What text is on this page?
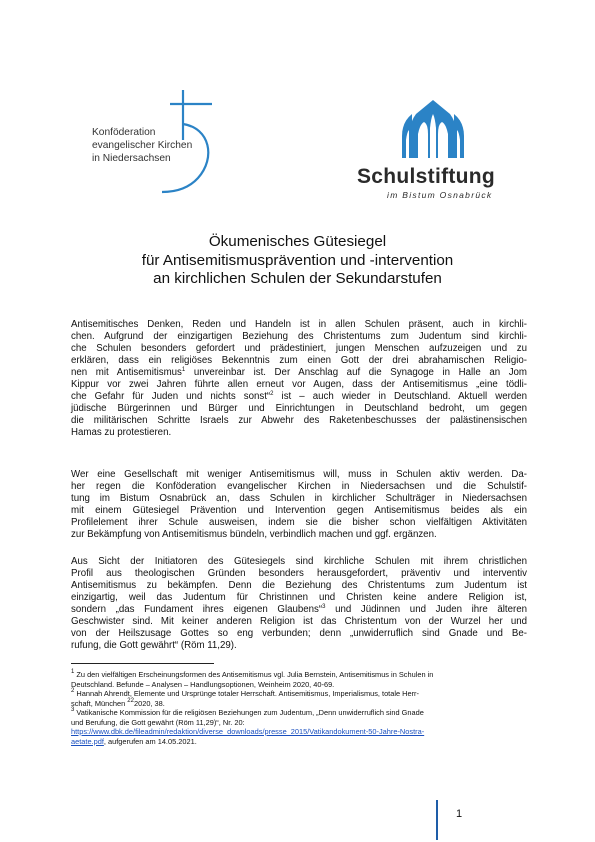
Konföderation
evangelischer Kirchen
in Niedersachsen
Schulstiftung
im Bistum Osnabrück
Ökumenisches Gütesiegel
für Antisemitismusprävention und -intervention
an kirchlichen Schulen der Sekundarstufen
Antisemitisches Denken, Reden und Handeln ist in allen Schulen präsent, auch in kirchli-
chen. Aufgrund der einzigartigen Beziehung des Christentums zum Judentum sind kirchli-
che Schulen besonders gefordert und prädestiniert, jungen Menschen aufzuzeigen und zu
erklären, dass ein religiöses Bekenntnis zum einen Gott der drei abrahamischen Religio-
nen mit Antisemitismus$^1$ unvereinbar ist. Der Anschlag auf die Synagoge in Halle an Jom
Kippur vor zwei Jahren führte allen erneut vor Augen, dass der Antisemitismus „eine tödli-
che Gefahr für Juden und nichts sonst“$^2$ ist – auch wieder in Deutschland. Aktuell werden
jüdische Bürgerinnen und Bürger und Einrichtungen in Deutschland bedroht, um gegen
die militärischen Schritte Israels zur Abwehr des Raketenbeschusses der palästinensischen
Hamas zu protestieren.
Wer eine Gesellschaft mit weniger Antisemitismus will, muss in Schulen aktiv werden. Da-
her regen die Konföderation evangelischer Kirchen in Niedersachsen und die Schulstif-
tung im Bistum Osnabrück an, dass Schulen in kirchlicher Schulträger in Niedersachsen
mit einem Gütesiegel Prävention und Intervention gegen Antisemitismus beides als ein
Profilelement ihrer Schule ausweisen, indem sie die bisher schon vielfältigen Aktivitäten
zur Bekämpfung von Antisemitismus bündeln, verbindlich machen und ggf. ergänzen.
Aus Sicht der Initiatoren des Gütesiegels sind kirchliche Schulen mit ihrem christlichen
Profil aus theologischen Gründen besonders herausgefordert, präventiv und interventiv
Antisemitismus zu bekämpfen. Denn die Beziehung des Christentums zum Judentum ist
einzigartig, weil das Judentum für Christinnen und Christen keine andere Religion ist,
sondern „das Fundament ihres eigenen Glaubens“$^3$ und Jüdinnen und Juden ihre älteren
Geschwister sind. Mit keiner anderen Religion ist das Christentum von der Wurzel her und
von der Heilszusage Gottes so eng verbunden; denn „unwiderruflich sind Gnade und Be-
rufung, die Gott gewährt“ (Röm 11,29).
$^1$ Zu den vielfältigen Erscheinungsformen des Antisemitismus vgl. Julia Bernstein, Antisemitismus in Schulen in
Deutschland. Befunde – Analysen – Handlungsoptionen, Weinheim 2020, 40-69.
$^2$ Hannah Ahrendt, Elemente und Ursprünge totaler Herrschaft. Antisemitismus, Imperialismus, totale Herr-
schaft, München $^{22}$2020, 38.
$^3$ Vatikanische Kommission für die religiösen Beziehungen zum Judentum, „Denn unwiderruflich sind Gnade
und Berufung, die Gott gewährt (Röm 11,29)“, Nr. 20:
https://www.dbk.de/fileadmin/redaktion/diverse_downloads/presse_2015/Vatikandokument-50-Jahre-Nostra-
aetate.pdf, aufgerufen am 14.05.2021.
1
